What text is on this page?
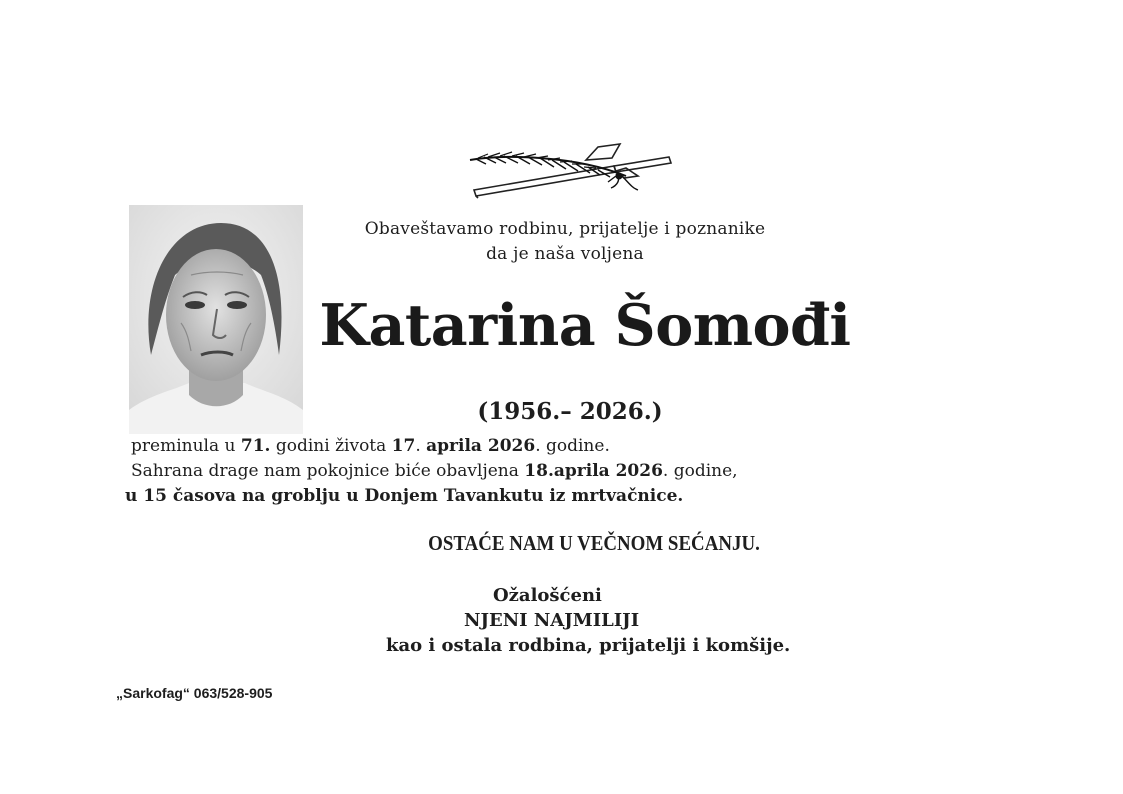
Obaveštavamo rodbinu, prijatelje i poznanike
da je naša voljena
Katarina Šomođi
(1956.– 2026.)
preminula u 71. godini života 17. aprila 2026. godine.
Sahrana drage nam pokojnice biće obavljena 18.aprila 2026. godine,
u 15 časova na groblju u Donjem Tavankutu iz mrtvačnice.
OSTAĆE NAM U VEČNOM SEĆANJU.
Ožalošćeni
NJENI NAJMILIJI
kao i ostala rodbina, prijatelji i komšije.
„Sarkofag“ 063/528-905
